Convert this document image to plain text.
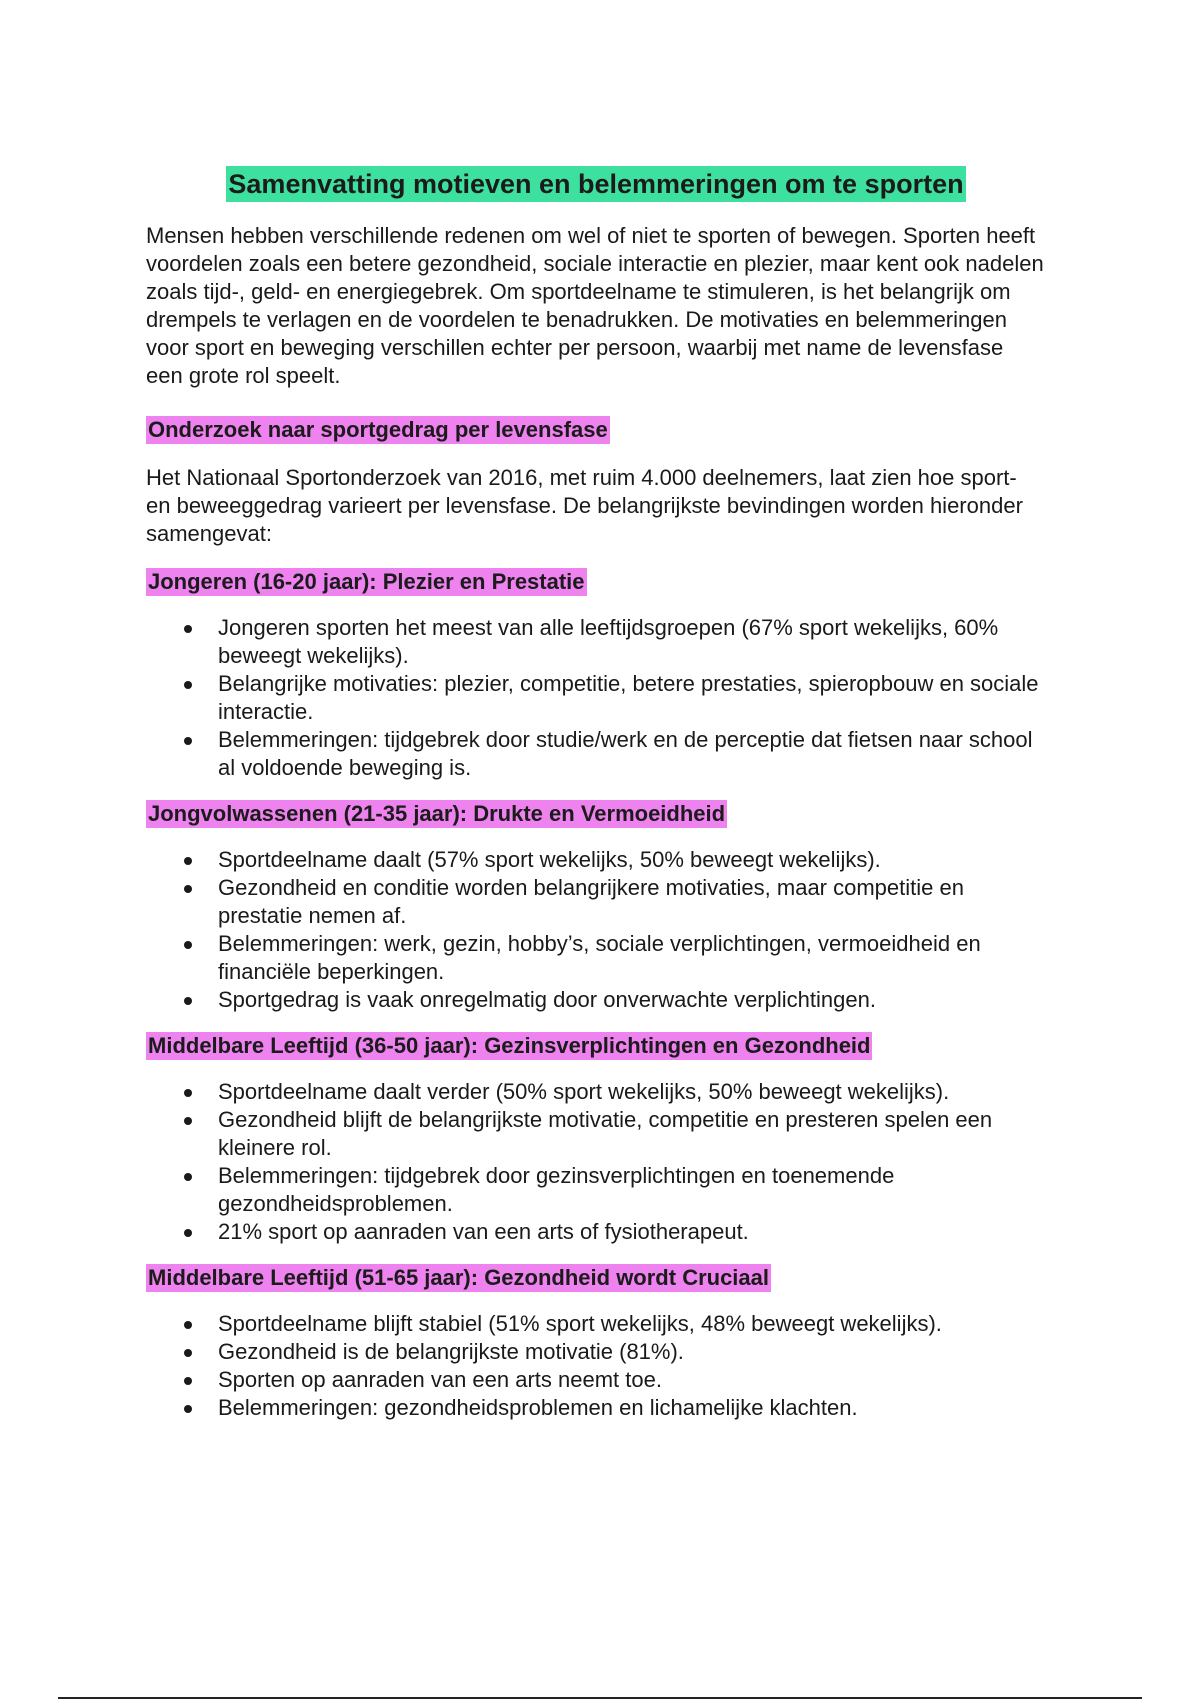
Samenvatting motieven en belemmeringen om te sporten

Mensen hebben verschillende redenen om wel of niet te sporten of bewegen. Sporten heeft voordelen zoals een betere gezondheid, sociale interactie en plezier, maar kent ook nadelen zoals tijd-, geld- en energiegebrek. Om sportdeelname te stimuleren, is het belangrijk om drempels te verlagen en de voordelen te benadrukken. De motivaties en belemmeringen voor sport en beweging verschillen echter per persoon, waarbij met name de levensfase een grote rol speelt.

Onderzoek naar sportgedrag per levensfase

Het Nationaal Sportonderzoek van 2016, met ruim 4.000 deelnemers, laat zien hoe sport- en beweeggedrag varieert per levensfase. De belangrijkste bevindingen worden hieronder samengevat:

Jongeren (16-20 jaar): Plezier en Prestatie
Jongeren sporten het meest van alle leeftijdsgroepen (67% sport wekelijks, 60% beweegt wekelijks).
Belangrijke motivaties: plezier, competitie, betere prestaties, spieropbouw en sociale interactie.
Belemmeringen: tijdgebrek door studie/werk en de perceptie dat fietsen naar school al voldoende beweging is.
Jongvolwassenen (21-35 jaar): Drukte en Vermoeidheid
Sportdeelname daalt (57% sport wekelijks, 50% beweegt wekelijks).
Gezondheid en conditie worden belangrijkere motivaties, maar competitie en prestatie nemen af.
Belemmeringen: werk, gezin, hobby’s, sociale verplichtingen, vermoeidheid en financiële beperkingen.
Sportgedrag is vaak onregelmatig door onverwachte verplichtingen.
Middelbare Leeftijd (36-50 jaar): Gezinsverplichtingen en Gezondheid
Sportdeelname daalt verder (50% sport wekelijks, 50% beweegt wekelijks).
Gezondheid blijft de belangrijkste motivatie, competitie en presteren spelen een kleinere rol.
Belemmeringen: tijdgebrek door gezinsverplichtingen en toenemende gezondheidsproblemen.
21% sport op aanraden van een arts of fysiotherapeut.
Middelbare Leeftijd (51-65 jaar): Gezondheid wordt Cruciaal
Sportdeelname blijft stabiel (51% sport wekelijks, 48% beweegt wekelijks).
Gezondheid is de belangrijkste motivatie (81%).
Sporten op aanraden van een arts neemt toe.
Belemmeringen: gezondheidsproblemen en lichamelijke klachten.
